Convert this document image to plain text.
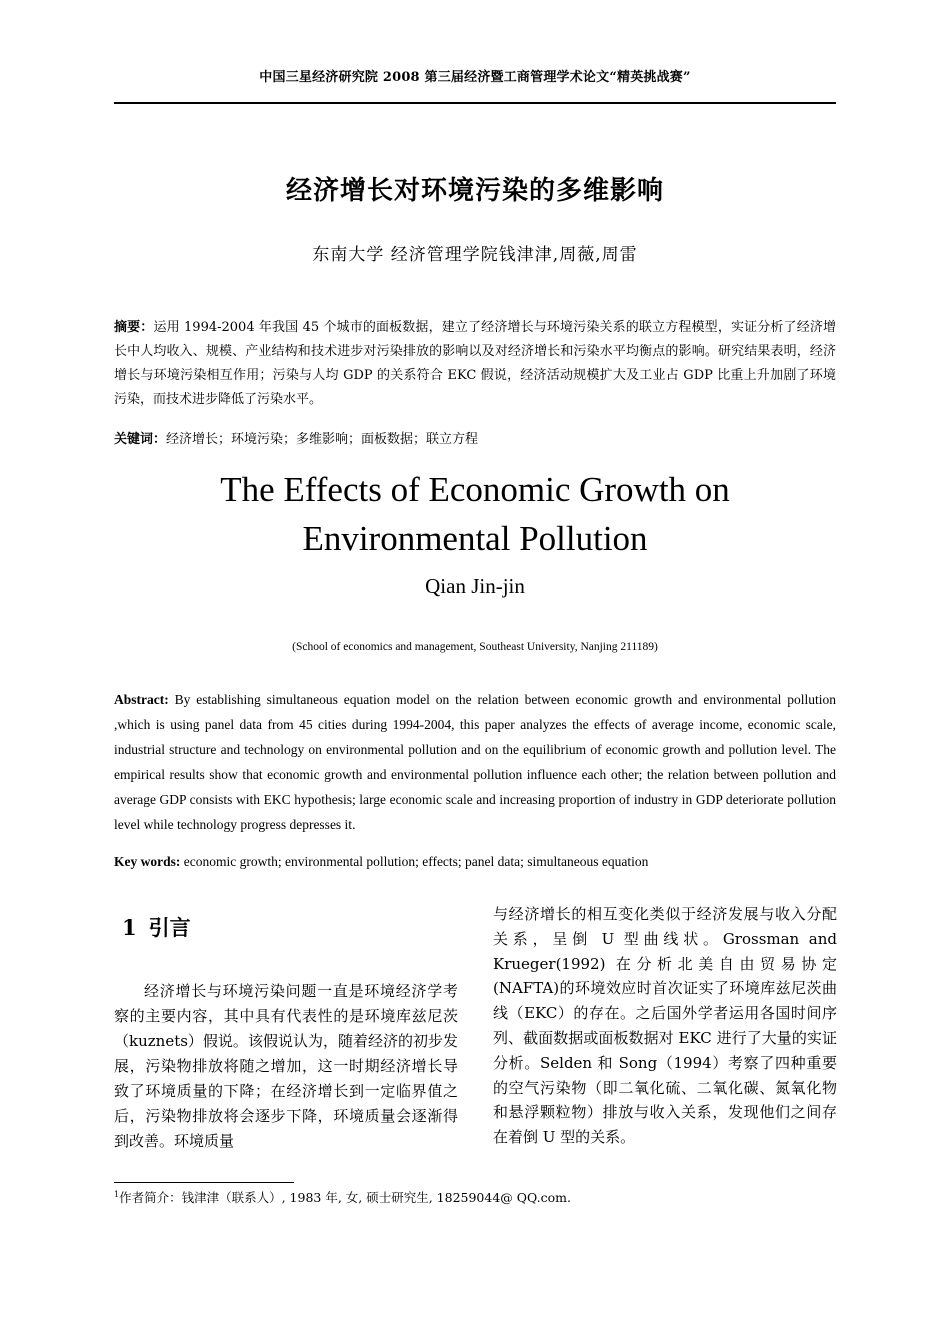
中国三星经济研究院 2008 第三届经济暨工商管理学术论文“精英挑战赛”
经济增长对环境污染的多维影响
东南大学 经济管理学院钱津津,周薇,周雷
摘要：运用 1994-2004 年我国 45 个城市的面板数据，建立了经济增长与环境污染关系的联立方程模型，实证分析了经济增长中人均收入、规模、产业结构和技术进步对污染排放的影响以及对经济增长和污染水平均衡点的影响。研究结果表明，经济增长与环境污染相互作用；污染与人均 GDP 的关系符合 EKC 假说，经济活动规模扩大及工业占 GDP 比重上升加剧了环境污染，而技术进步降低了污染水平。
关键词：经济增长；环境污染；多维影响；面板数据；联立方程
The Effects of Economic Growth on
Environmental Pollution
Qian Jin-jin
(School of economics and management, Southeast University, Nanjing 211189)
Abstract: By establishing simultaneous equation model on the relation between economic growth and environmental pollution ,which is using panel data from 45 cities during 1994-2004, this paper analyzes the effects of average income, economic scale, industrial structure and technology on environmental pollution and on the equilibrium of economic growth and pollution level. The empirical results show that economic growth and environmental pollution influence each other; the relation between pollution and average GDP consists with EKC hypothesis; large economic scale and increasing proportion of industry in GDP deteriorate pollution level while technology progress depresses it.
Key words: economic growth; environmental pollution; effects; panel data; simultaneous equation
1 引言

经济增长与环境污染问题一直是环境经济学考察的主要内容，其中具有代表性的是环境库兹尼茨（kuznets）假说。该假说认为，随着经济的初步发展，污染物排放将随之增加，这一时期经济增长导致了环境质量的下降；在经济增长到一定临界值之后，污染物排放将会逐步下降，环境质量会逐渐得到改善。环境质量

与经济增长的相互变化类似于经济发展与收入分配关系，呈倒 U 型曲线状。Grossman and Krueger(1992) 在分析北美自由贸易协定(NAFTA)的环境效应时首次证实了环境库兹尼茨曲线（EKC）的存在。之后国外学者运用各国时间序列、截面数据或面板数据对 EKC 进行了大量的实证分析。Selden 和 Song（1994）考察了四种重要的空气污染物（即二氧化硫、二氧化碳、氮氧化物和悬浮颗粒物）排放与收入关系，发现他们之间存在着倒 U 型的关系。

$^1$作者简介：钱津津（联系人）, 1983 年, 女, 硕士研究生, 18259044@ QQ.com.
